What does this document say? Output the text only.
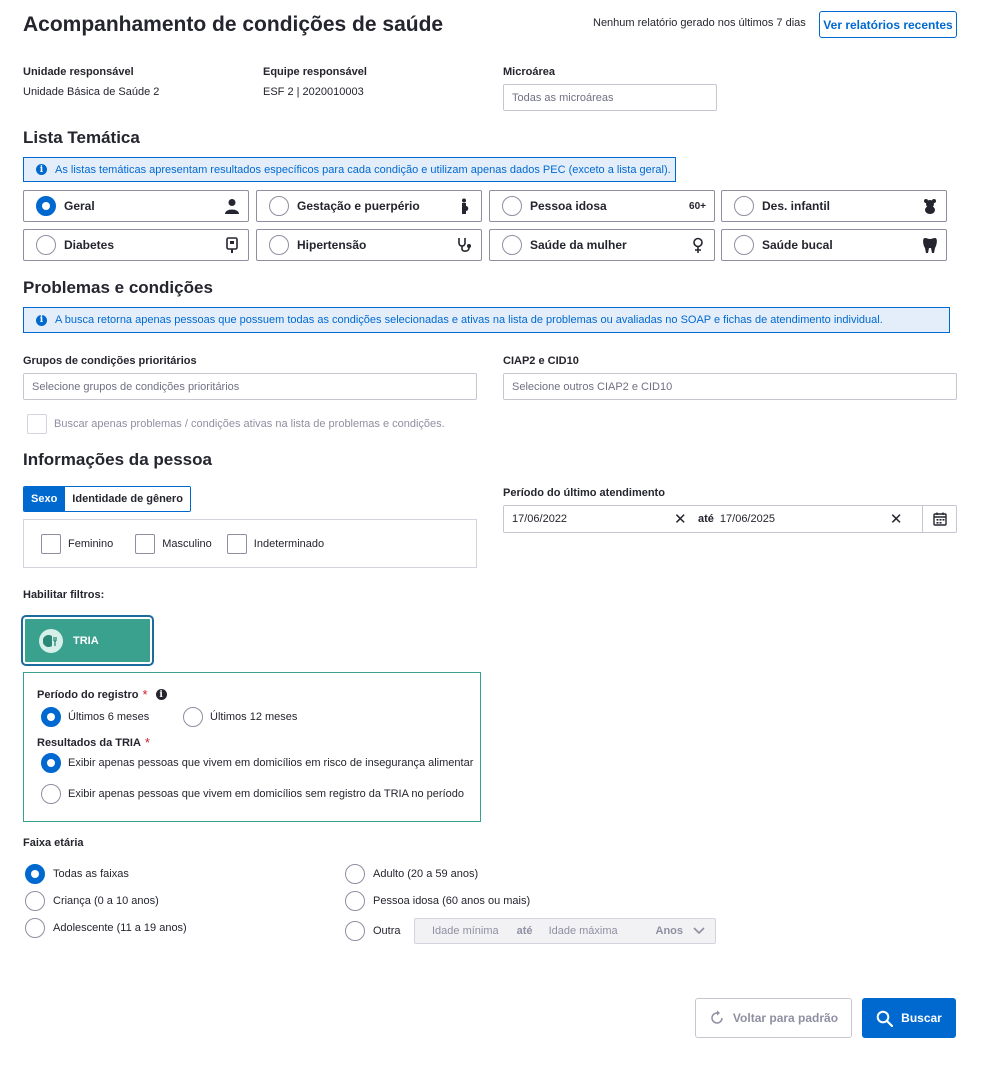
Acompanhamento de condições de saúde	Nenhum relatório gerado nos últimos 7 dias	Ver relatórios recentes
Unidade responsável
Unidade Básica de Saúde 2
Equipe responsável
ESF 2 | 2020010003
Microárea
Todas as microáreas
Lista Temática
i	As listas temáticas apresentam resultados específicos para cada condição e utilizam apenas dados PEC (exceto a lista geral).
Geral	Gestação e puerpério	Pessoa idosa	60+	Des. infantil
Diabetes	Hipertensão	Saúde da mulher	Saúde bucal
Problemas e condições
i	A busca retorna apenas pessoas que possuem todas as condições selecionadas e ativas na lista de problemas ou avaliadas no SOAP e fichas de atendimento individual.
Grupos de condições prioritários
Selecione grupos de condições prioritários
CIAP2 e CID10
Selecione outros CIAP2 e CID10
Buscar apenas problemas / condições ativas na lista de problemas e condições.
Informações da pessoa
Sexo	Identidade de gênero
Feminino	Masculino	Indeterminado
Período do último atendimento
17/06/2022	✕ até 17/06/2025	✕
Habilitar filtros:
TRIA
Período do registro *	i
Últimos 6 meses	Últimos 12 meses
Resultados da TRIA *
Exibir apenas pessoas que vivem em domicílios em risco de insegurança alimentar
Exibir apenas pessoas que vivem em domicílios sem registro da TRIA no período
Faixa etária
Todas as faixas
Criança (0 a 10 anos)
Adolescente (11 a 19 anos)
Adulto (20 a 59 anos)
Pessoa idosa (60 anos ou mais)
Outra	Idade mínima até Idade máxima	Anos
Voltar para padrão	Buscar
